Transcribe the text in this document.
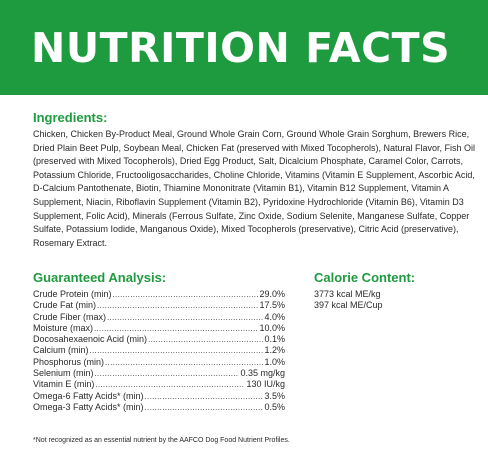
NUTRITION FACTS
Ingredients:
Chicken, Chicken By-Product Meal, Ground Whole Grain Corn, Ground Whole Grain Sorghum, Brewers Rice, Dried Plain Beet Pulp, Soybean Meal, Chicken Fat (preserved with Mixed Tocopherols), Natural Flavor, Fish Oil (preserved with Mixed Tocopherols), Dried Egg Product, Salt, Dicalcium Phosphate, Caramel Color, Carrots, Potassium Chloride, Fructooligosaccharides, Choline Chloride, Vitamins (Vitamin E Supplement, Ascorbic Acid, D-Calcium Pantothenate, Biotin, Thiamine Mononitrate (Vitamin B1), Vitamin B12 Supplement, Vitamin A Supplement, Niacin, Riboflavin Supplement (Vitamin B2), Pyridoxine Hydrochloride (Vitamin B6), Vitamin D3 Supplement, Folic Acid), Minerals (Ferrous Sulfate, Zinc Oxide, Sodium Selenite, Manganese Sulfate, Copper Sulfate, Potassium Iodide, Manganous Oxide), Mixed Tocopherols (preservative), Citric Acid (preservative), Rosemary Extract.
Guaranteed Analysis:
Crude Protein (min) .....	29.0%
Crude Fat (min) .....	17.5%
Crude Fiber (max) .....	4.0%
Moisture (max) .....	10.0%
Docosahexaenoic Acid (min) .....	0.1%
Calcium (min) .....	1.2%
Phosphorus (min) .....	1.0%
Selenium (min) .....	0.35 mg/kg
Vitamin E (min) .....	130 IU/kg
Omega-6 Fatty Acids* (min) .....	3.5%
Omega-3 Fatty Acids* (min) .....	0.5%
Calorie Content:
3773 kcal ME/kg
397 kcal ME/Cup
*Not recognized as an essential nutrient by the AAFCO Dog Food Nutrient Profiles.
